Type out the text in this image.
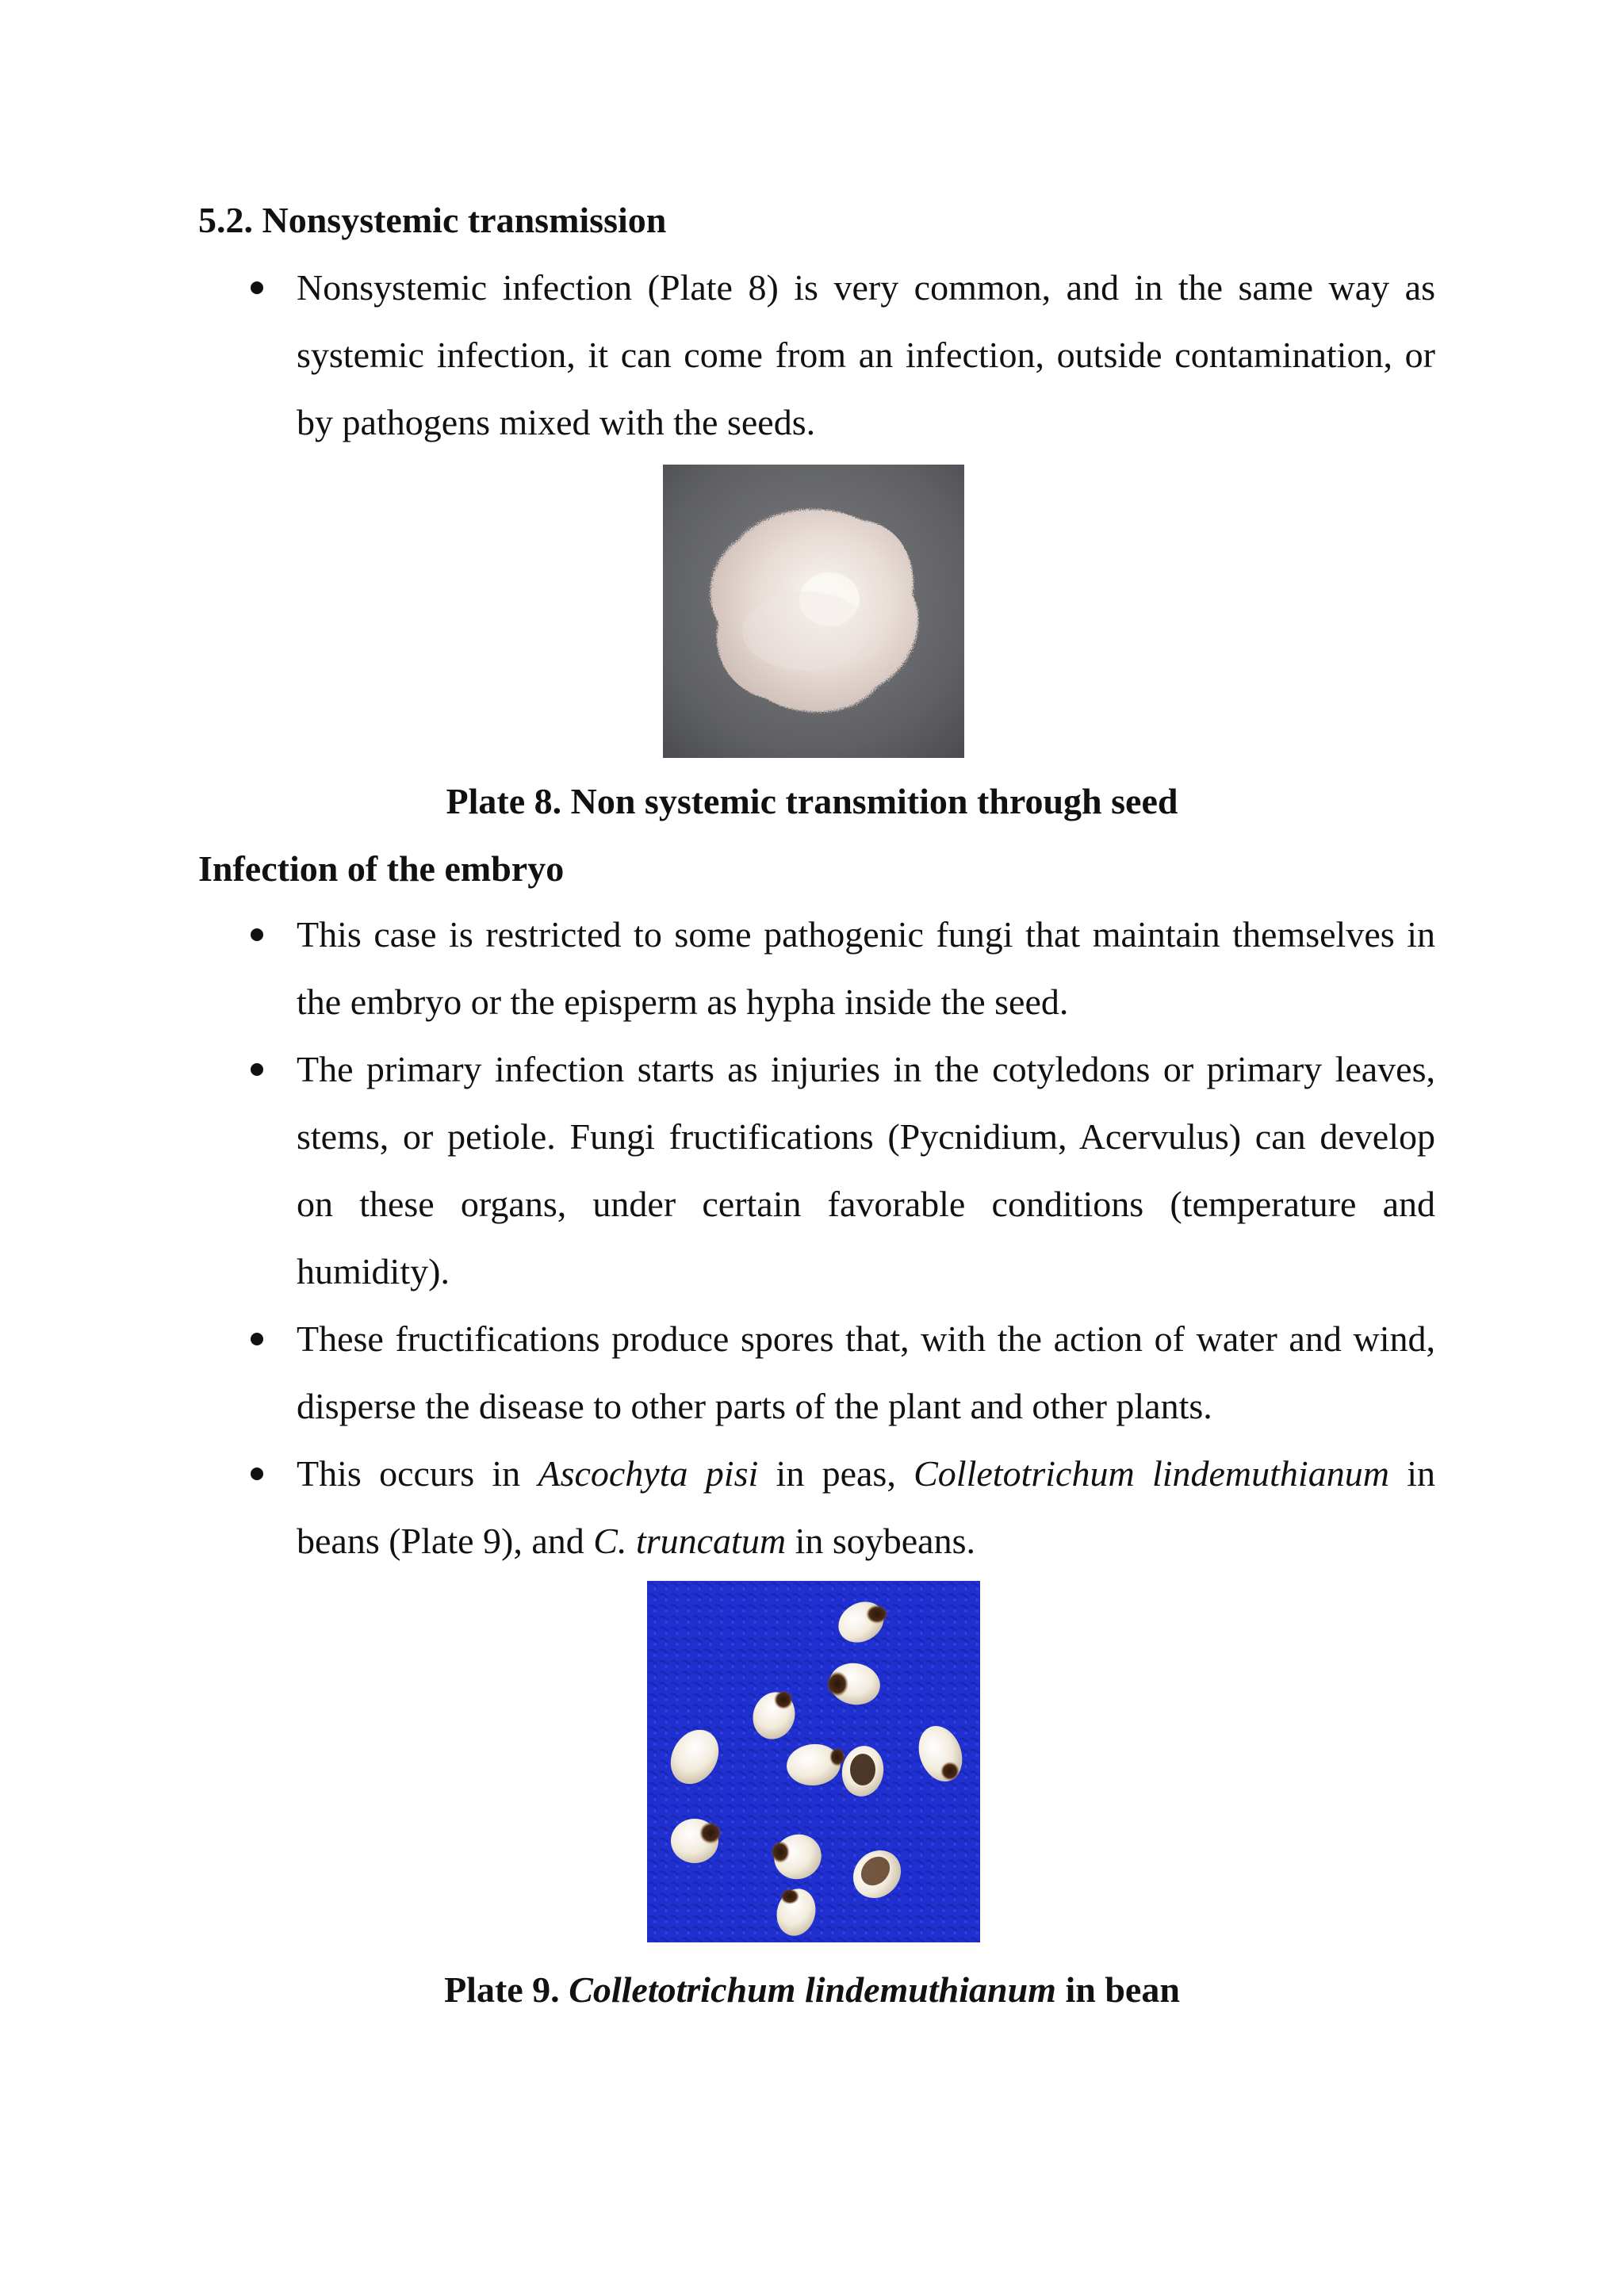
5.2. Nonsystemic transmission
Nonsystemic infection (Plate 8) is very common, and in the same way as systemic infection, it can come from an infection, outside contamination, or by pathogens mixed with the seeds.
Plate 8. Non systemic transmition through seed
Infection of the embryo
This case is restricted to some pathogenic fungi that maintain themselves in the embryo or the episperm as hypha inside the seed.
The primary infection starts as injuries in the cotyledons or primary leaves, stems, or petiole. Fungi fructifications (Pycnidium, Acervulus) can develop on these organs, under certain favorable conditions (temperature and humidity).
These fructifications produce spores that, with the action of water and wind, disperse the disease to other parts of the plant and other plants.
This occurs in Ascochyta pisi in peas, Colletotrichum lindemuthianum in beans (Plate 9), and C. truncatum in soybeans.
Plate 9. Colletotrichum lindemuthianum in bean
